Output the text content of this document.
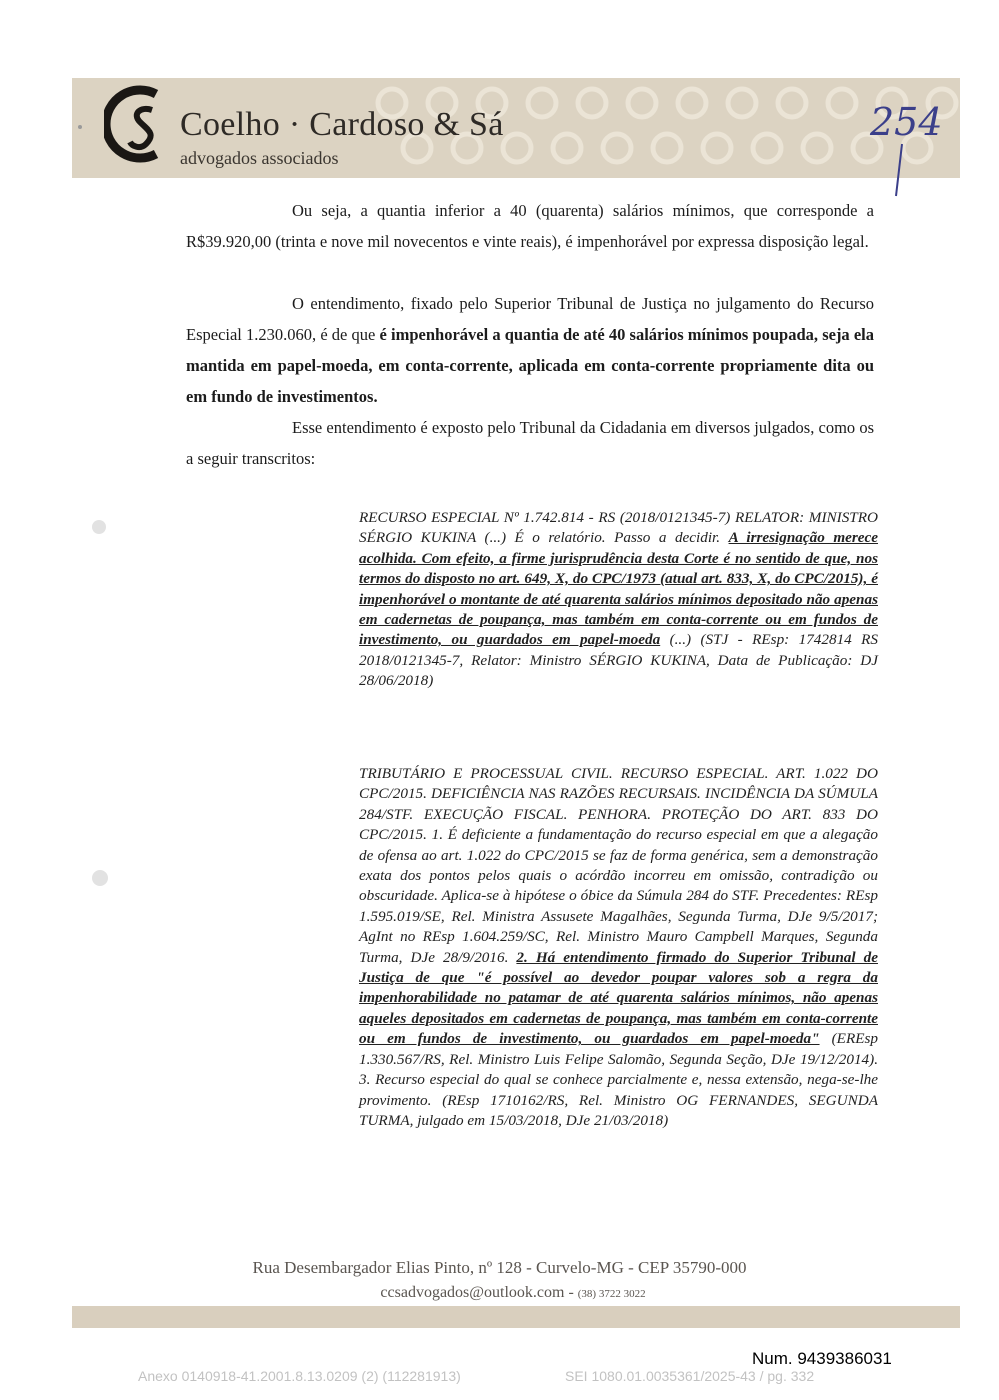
Coelho · Cardoso & Sá
advogados associados
254

Ou seja, a quantia inferior a 40 (quarenta) salários mínimos, que corresponde a R$39.920,00 (trinta e nove mil novecentos e vinte reais), é impenhorável por expressa disposição legal.

O entendimento, fixado pelo Superior Tribunal de Justiça no julgamento do Recurso Especial 1.230.060, é de que é impenhorável a quantia de até 40 salários mínimos poupada, seja ela mantida em papel-moeda, em conta-corrente, aplicada em conta-corrente propriamente dita ou em fundo de investimentos.

Esse entendimento é exposto pelo Tribunal da Cidadania em diversos julgados, como os a seguir transcritos:

RECURSO ESPECIAL Nº 1.742.814 - RS (2018/0121345-7) RELATOR: MINISTRO SÉRGIO KUKINA (...) É o relatório. Passo a decidir. A irresignação merece acolhida. Com efeito, a firme jurisprudência desta Corte é no sentido de que, nos termos do disposto no art. 649, X, do CPC/1973 (atual art. 833, X, do CPC/2015), é impenhorável o montante de até quarenta salários mínimos depositado não apenas em cadernetas de poupança, mas também em conta-corrente ou em fundos de investimento, ou guardados em papel-moeda (...) (STJ - REsp: 1742814 RS 2018/0121345-7, Relator: Ministro SÉRGIO KUKINA, Data de Publicação: DJ 28/06/2018)
TRIBUTÁRIO E PROCESSUAL CIVIL. RECURSO ESPECIAL. ART. 1.022 DO CPC/2015. DEFICIÊNCIA NAS RAZÕES RECURSAIS. INCIDÊNCIA DA SÚMULA 284/STF. EXECUÇÃO FISCAL. PENHORA. PROTEÇÃO DO ART. 833 DO CPC/2015. 1. É deficiente a fundamentação do recurso especial em que a alegação de ofensa ao art. 1.022 do CPC/2015 se faz de forma genérica, sem a demonstração exata dos pontos pelos quais o acórdão incorreu em omissão, contradição ou obscuridade. Aplica-se à hipótese o óbice da Súmula 284 do STF. Precedentes: REsp 1.595.019/SE, Rel. Ministra Assusete Magalhães, Segunda Turma, DJe 9/5/2017; AgInt no REsp 1.604.259/SC, Rel. Ministro Mauro Campbell Marques, Segunda Turma, DJe 28/9/2016. 2. Há entendimento firmado do Superior Tribunal de Justiça de que "é possível ao devedor poupar valores sob a regra da impenhorabilidade no patamar de até quarenta salários mínimos, não apenas aqueles depositados em cadernetas de poupança, mas também em conta-corrente ou em fundos de investimento, ou guardados em papel-moeda" (EREsp 1.330.567/RS, Rel. Ministro Luis Felipe Salomão, Segunda Seção, DJe 19/12/2014). 3. Recurso especial do qual se conhece parcialmente e, nessa extensão, nega-se-lhe provimento. (REsp 1710162/RS, Rel. Ministro OG FERNANDES, SEGUNDA TURMA, julgado em 15/03/2018, DJe 21/03/2018)
Rua Desembargador Elias Pinto, nº 128 - Curvelo-MG - CEP 35790-000
ccsadvogados@outlook.com - (38) 3722 3022
Num. 9439386031
Anexo 0140918-41.2001.8.13.0209 (2) (112281913)	SEI 1080.01.0035361/2025-43 / pg. 332
